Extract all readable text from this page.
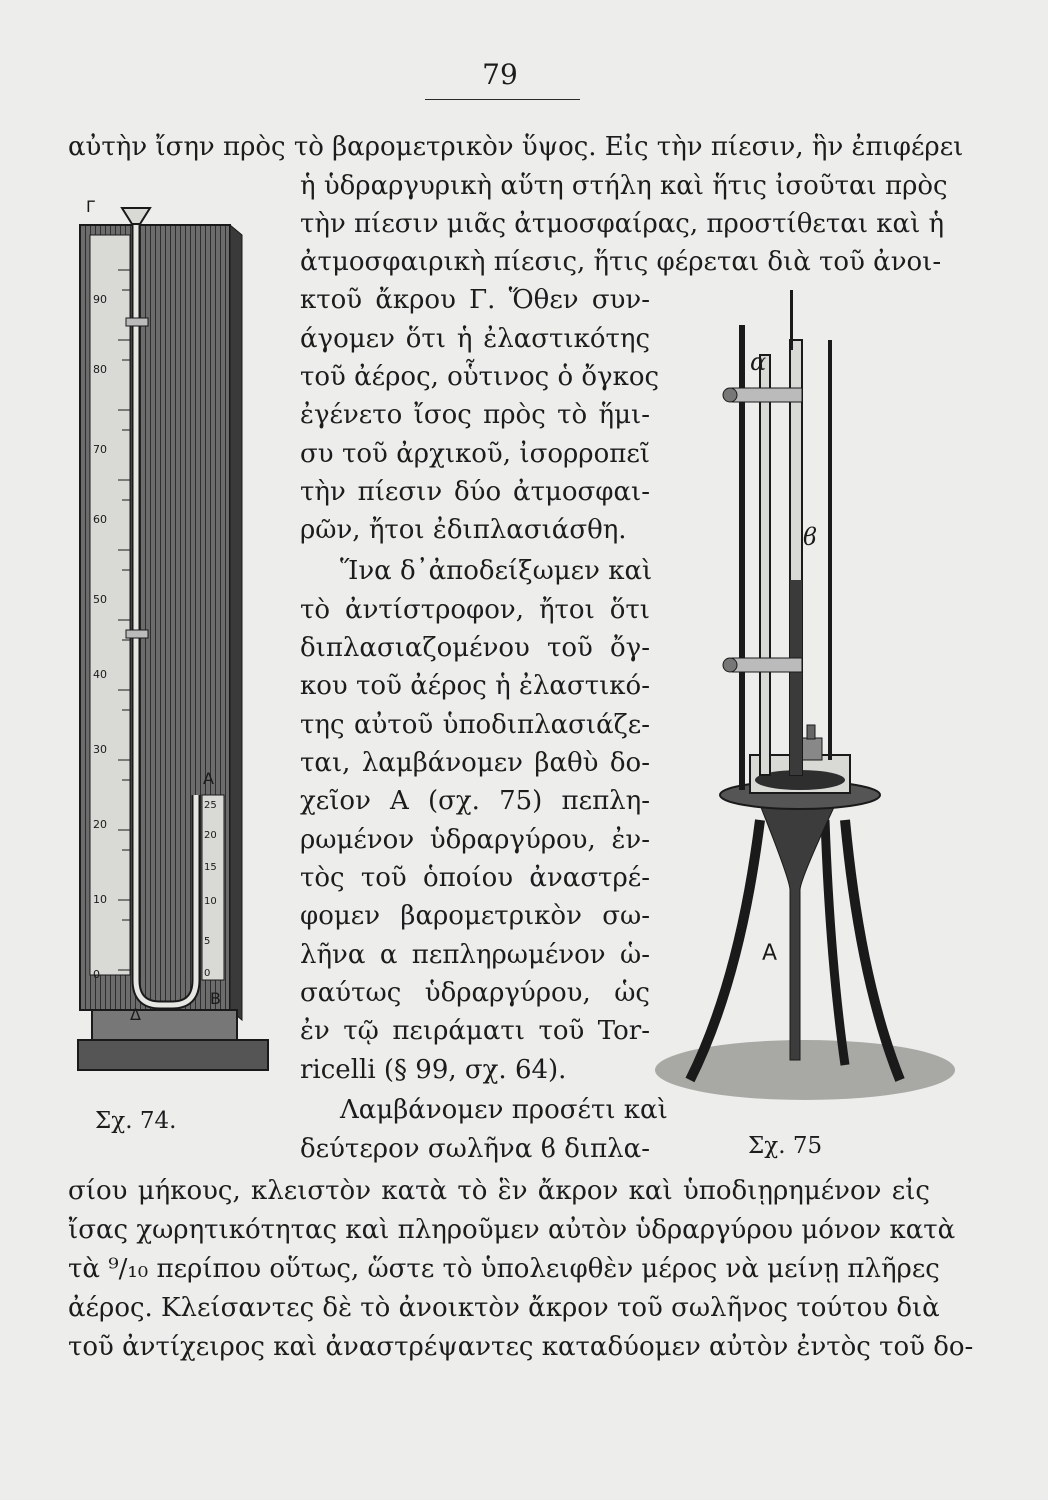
79
αὐτὴν ἴσην πρὸς τὸ βαρομετρικὸν ὕψος. Εἰς τὴν πίεσιν, ἣν ἐπιφέρει
ἡ ὑδραργυρικὴ αὕτη στήλη καὶ ἥτις ἰσοῦται πρὸς
τὴν πίεσιν μιᾶς ἀτμοσφαίρας, προστίθεται καὶ ἡ
ἀτμοσφαιρικὴ πίεσις, ἥτις φέρεται διὰ τοῦ ἀνοι-
κτοῦ ἄκρου Γ. Ὅθεν συν-
άγομεν ὅτι ἡ ἐλαστικότης
τοῦ ἀέρος, οὗτινος ὁ ὄγκος
ἐγένετο ἴσος πρὸς τὸ ἥμι-
συ τοῦ ἀρχικοῦ, ἰσορροπεῖ
τὴν πίεσιν δύο ἀτμοσφαι-
ρῶν, ἤτοι ἐδιπλασιάσθη.
Ἵνα δ᾽ἀποδείξωμεν καὶ
τὸ ἀντίστροφον, ἤτοι ὅτι
διπλασιαζομένου τοῦ ὄγ-
κου τοῦ ἀέρος ἡ ἐλαστικό-
της αὐτοῦ ὑποδιπλασιάζε-
ται, λαμβάνομεν βαθὺ δο-
χεῖον Α (σχ. 75) πεπλη-
ρωμένον ὑδραργύρου, ἐν-
τὸς τοῦ ὁποίου ἀναστρέ-
φομεν βαρομετρικὸν σω-
λῆνα α πεπληρωμένον ὡ-
σαύτως ὑδραργύρου, ὡς
ἐν τῷ πειράματι τοῦ Tor-
ricelli (§ 99, σχ. 64).
Λαμβάνομεν προσέτι καὶ
δεύτερον σωλῆνα ϐ διπλα-
σίου μήκους, κλειστὸν κατὰ τὸ ἓν ἄκρον καὶ ὑποδιῃρημένον εἰς
ἴσας χωρητικότητας καὶ πληροῦμεν αὐτὸν ὑδραργύρου μόνον κατὰ
τὰ ⁹/₁₀ περίπου οὕτως, ὥστε τὸ ὑπολειφθὲν μέρος νὰ μείνῃ πλῆρες
ἀέρος. Κλείσαντες δὲ τὸ ἀνοικτὸν ἄκρον τοῦ σωλῆνος τούτου διὰ
τοῦ ἀντίχειρος καὶ ἀναστρέψαντες καταδύομεν αὐτὸν ἐντὸς τοῦ δο-
90
80
70
60
50
40
30
20
10
0
25
20
15
10
5
0
Γ
Α
Δ
Β
Σχ. 74.
α
ϐ
Α
Σχ. 75
